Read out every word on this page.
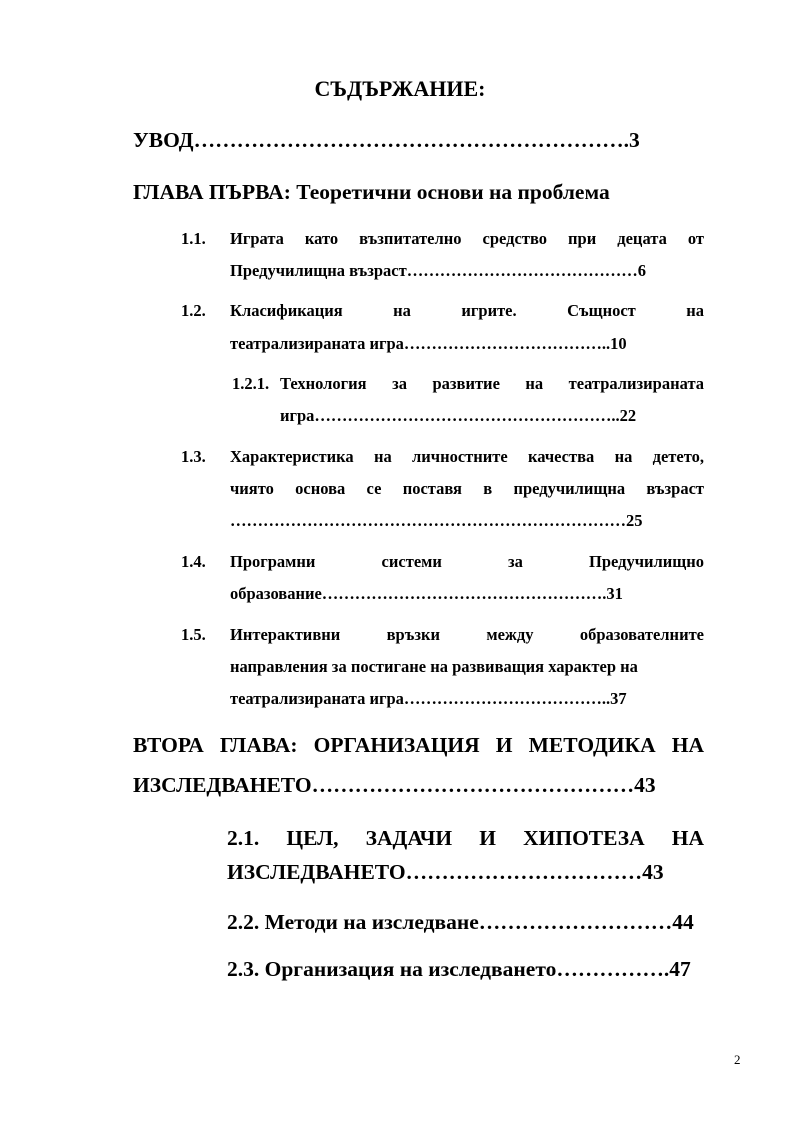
СЪДЪРЖАНИЕ:
УВОД…………………………………………………….3
ГЛАВА ПЪРВА: Теоретични основи на проблема
1.1. Играта като възпитателно средство при децата от
Предучилищна възраст……………………………………6
1.2. Класификация на игрите. Същност на
театрализираната игра………………………………..10
1.2.1. Технология за развитие на театрализираната
игра………………………………………………..22
1.3. Характеристика на личностните качества на детето,
чиято основа се поставя в предучилищна възраст
………………………………………………………………25
1.4. Програмни системи за Предучилищно
образование…………………………………………….31
1.5. Интерактивни връзки между образователните
направления за постигане на развиващия характер на
театрализираната игра………………………………..37
ВТОРА ГЛАВА: ОРГАНИЗАЦИЯ И МЕТОДИКА НА
ИЗСЛЕДВАНЕТО………………………………………43
2.1. ЦЕЛ, ЗАДАЧИ И ХИПОТЕЗА НА
ИЗСЛЕДВАНЕТО……………………………43
2.2. Методи на изследване………………………44
2.3. Организация на изследването…………….47
2
